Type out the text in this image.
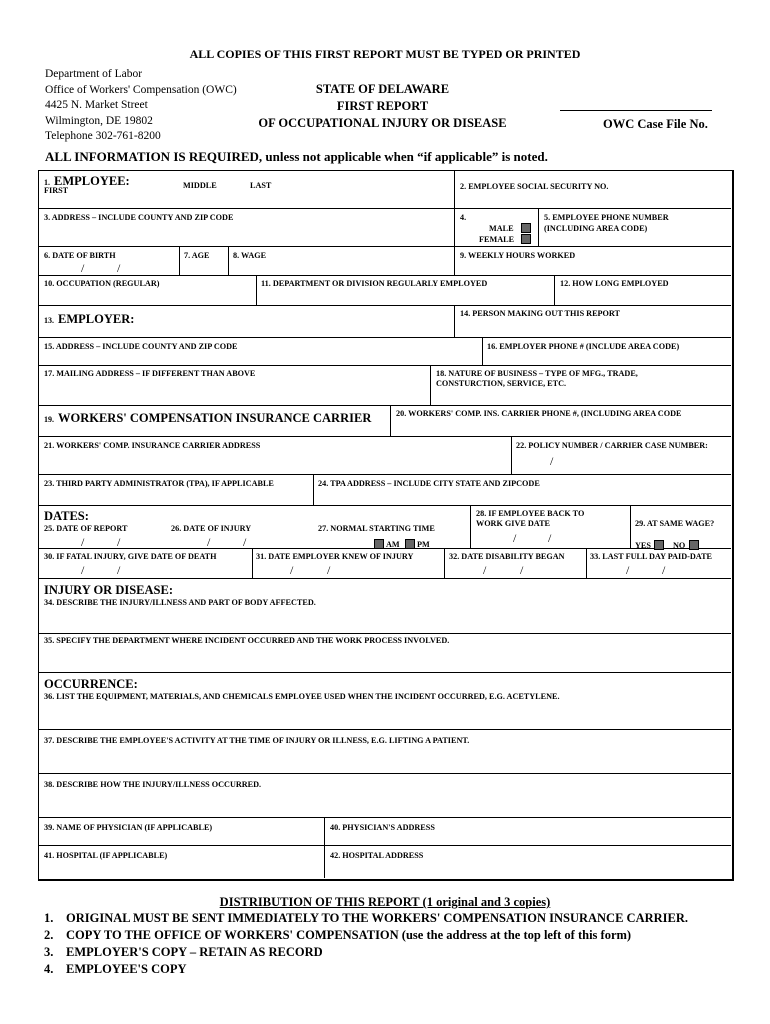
ALL COPIES OF THIS FIRST REPORT MUST BE TYPED OR PRINTED
Department of Labor
Office of Workers' Compensation (OWC)
4425 N. Market Street
Wilmington, DE 19802
Telephone 302-761-8200
STATE OF DELAWARE
FIRST REPORT
OF OCCUPATIONAL INJURY OR DISEASE	OWC Case File No.
ALL INFORMATION IS REQUIRED, unless not applicable when “if applicable” is noted.
1. EMPLOYEE:
FIRST
MIDDLE	LAST	2. EMPLOYEE SOCIAL SECURITY NO.
3. ADDRESS – INCLUDE COUNTY AND ZIP CODE	4.
MALE
FEMALE
5. EMPLOYEE PHONE NUMBER
(INCLUDING AREA CODE)
6. DATE OF BIRTH
/	/
7. AGE	8. WAGE	9. WEEKLY HOURS WORKED
10. OCCUPATION (REGULAR)	11. DEPARTMENT OR DIVISION REGULARLY EMPLOYED	12. HOW LONG EMPLOYED
13. EMPLOYER:	14. PERSON MAKING OUT THIS REPORT
15. ADDRESS – INCLUDE COUNTY AND ZIP CODE	16. EMPLOYER PHONE # (INCLUDE AREA CODE)
17. MAILING ADDRESS – IF DIFFERENT THAN ABOVE	18. NATURE OF BUSINESS – TYPE OF MFG., TRADE,
CONSTURCTION, SERVICE, ETC.
19. WORKERS' COMPENSATION INSURANCE CARRIER	20. WORKERS' COMP. INS. CARRIER PHONE #, (INCLUDING AREA CODE
21. WORKERS' COMP. INSURANCE CARRIER ADDRESS	22. POLICY NUMBER / CARRIER CASE NUMBER:
/
23. THIRD PARTY ADMINISTRATOR (TPA), IF APPLICABLE	24. TPA ADDRESS – INCLUDE CITY STATE AND ZIPCODE
DATES:
25. DATE OF REPORT
/	/
26. DATE OF INJURY
/	/
27. NORMAL STARTING TIME
AM PM
28. IF EMPLOYEE BACK TO
WORK GIVE DATE
/	/
29. AT SAME WAGE?
YES	NO
30. IF FATAL INJURY, GIVE DATE OF DEATH
/	/
31. DATE EMPLOYER KNEW OF INJURY
/	/
32. DATE DISABILITY BEGAN
/	/
33. LAST FULL DAY PAID-DATE
/	/
INJURY OR DISEASE:
34. DESCRIBE THE INJURY/ILLNESS AND PART OF BODY AFFECTED.
35. SPECIFY THE DEPARTMENT WHERE INCIDENT OCCURRED AND THE WORK PROCESS INVOLVED.
OCCURRENCE:
36. LIST THE EQUIPMENT, MATERIALS, AND CHEMICALS EMPLOYEE USED WHEN THE INCIDENT OCCURRED, E.G. ACETYLENE.
37. DESCRIBE THE EMPLOYEE'S ACTIVITY AT THE TIME OF INJURY OR ILLNESS, E.G. LIFTING A PATIENT.
38. DESCRIBE HOW THE INJURY/ILLNESS OCCURRED.
39. NAME OF PHYSICIAN (IF APPLICABLE)	40. PHYSICIAN'S ADDRESS
41. HOSPITAL (IF APPLICABLE)	42. HOSPITAL ADDRESS
DISTRIBUTION OF THIS REPORT (1 original and 3 copies)
1. ORIGINAL MUST BE SENT IMMEDIATELY TO THE WORKERS' COMPENSATION INSURANCE CARRIER.
2. COPY TO THE OFFICE OF WORKERS' COMPENSATION (use the address at the top left of this form)
3. EMPLOYER'S COPY – RETAIN AS RECORD
4. EMPLOYEE'S COPY
